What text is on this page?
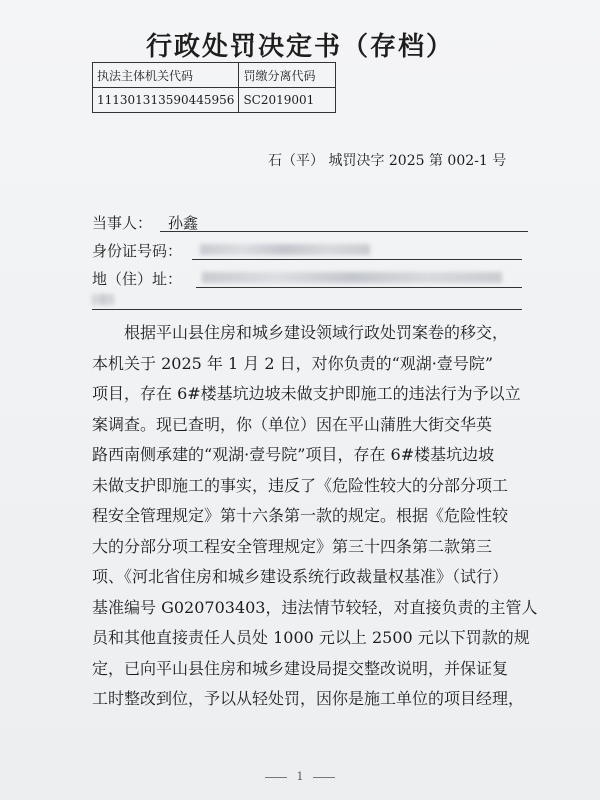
行政处罚决定书（存档）
执法主体机关代码	罚缴分离代码
111301313590445956	SC2019001
石（平） 城罚决字 2025 第 002-1 号
当事人：	孙鑫
身份证号码：
地（住）址：

根据平山县住房和城乡建设领域行政处罚案卷的移交，

本机关于 2025 年 1 月 2 日，对你负责的“观湖·壹号院”

项目，存在 6#楼基坑边坡未做支护即施工的违法行为予以立

案调查。现已查明，你（单位）因在平山蒲胜大街交华英

路西南侧承建的“观湖·壹号院”项目，存在 6#楼基坑边坡

未做支护即施工的事实，违反了《危险性较大的分部分项工

程安全管理规定》第十六条第一款的规定。根据《危险性较

大的分部分项工程安全管理规定》第三十四条第二款第三

项、《河北省住房和城乡建设系统行政裁量权基准》（试行）

基准编号 G020703403，违法情节较轻，对直接负责的主管人

员和其他直接责任人员处 1000 元以上 2500 元以下罚款的规

定，已向平山县住房和城乡建设局提交整改说明，并保证复

工时整改到位，予以从轻处罚，因你是施工单位的项目经理，

1
